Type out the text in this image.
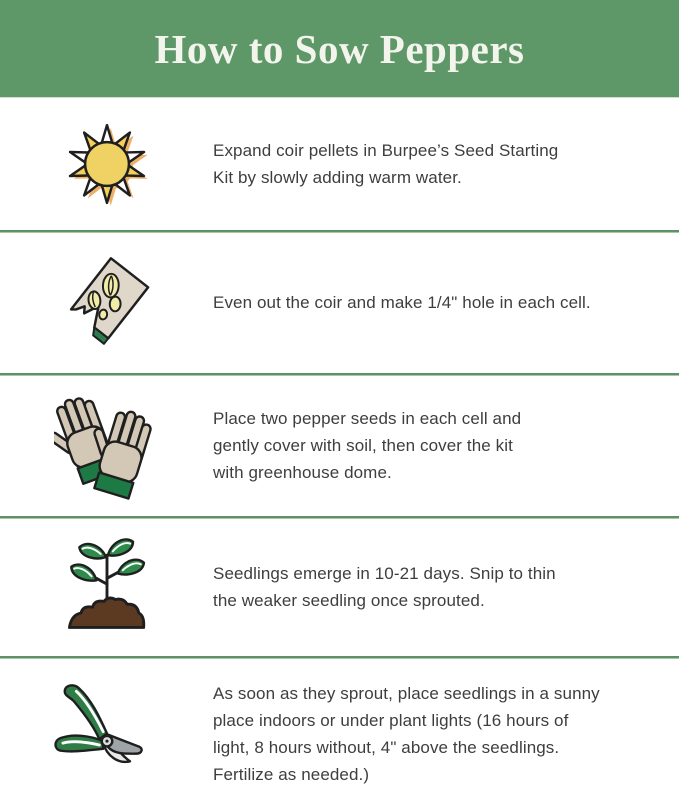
How to Sow Peppers
Expand coir pellets in Burpee’s Seed Starting
Kit by slowly adding warm water.
Even out the coir and make 1/4" hole in each cell.
Place two pepper seeds in each cell and
gently cover with soil, then cover the kit
with greenhouse dome.
Seedlings emerge in 10-21 days. Snip to thin
the weaker seedling once sprouted.
As soon as they sprout, place seedlings in a sunny
place indoors or under plant lights (16 hours of
light, 8 hours without, 4" above the seedlings.
Fertilize as needed.)
